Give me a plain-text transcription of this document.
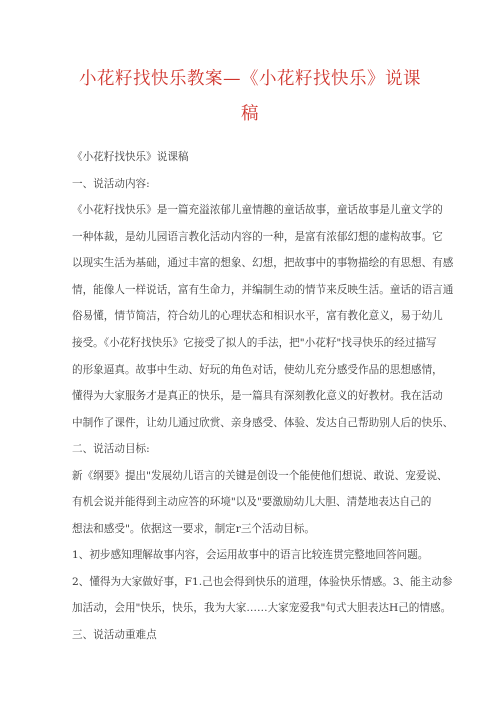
小花籽找快乐教案—《小花籽找快乐》说课
稿
《小花籽找快乐》说课稿
一、说活动内容:
《小花籽找快乐》是一篇充溢浓郁儿童情趣的童话故事，童话故事是儿童文学的
一种体裁，是幼儿园语言教化活动内容的一种，是富有浓郁幻想的虚构故事。它
以现实生活为基础，通过丰富的想象、幻想，把故事中的事物描绘的有思想、有感
情，能像人一样说话，富有生命力，并编制生动的情节来反映生活。童话的语言通
俗易懂，情节简洁，符合幼儿的心理状态和相识水平，富有教化意义，易于幼儿
接受。《小花籽找快乐》它接受了拟人的手法，把"小花籽"找寻快乐的经过描写
的形象逼真。故事中生动、好玩的角色对话，使幼儿充分感受作品的思想感情，
懂得为大家服务才是真正的快乐，是一篇具有深刻教化意义的好教材。我在活动
中制作了课件，让幼儿通过欣赏、亲身感受、体验、发达自己帮助别人后的快乐、
二、说活动目标:
新《纲要》提出"发展幼儿语言的关键是创设一个能使他们想说、敢说、宠爱说、
有机会说并能得到主动应答的环境"以及"要激励幼儿大胆、清楚地表达自己的
想法和感受"。依据这一要求，制定r三个活动目标。
1、初步感知理解故事内容，会运用故事中的语言比较连贯完整地回答问题。
2、懂得为大家做好事，F1.己也会得到快乐的道理，体验快乐情感。3、能主动参
加活动，会用"快乐，快乐，我为大家……大家宠爱我"句式大胆表达H己的情感。
三、说活动重难点
